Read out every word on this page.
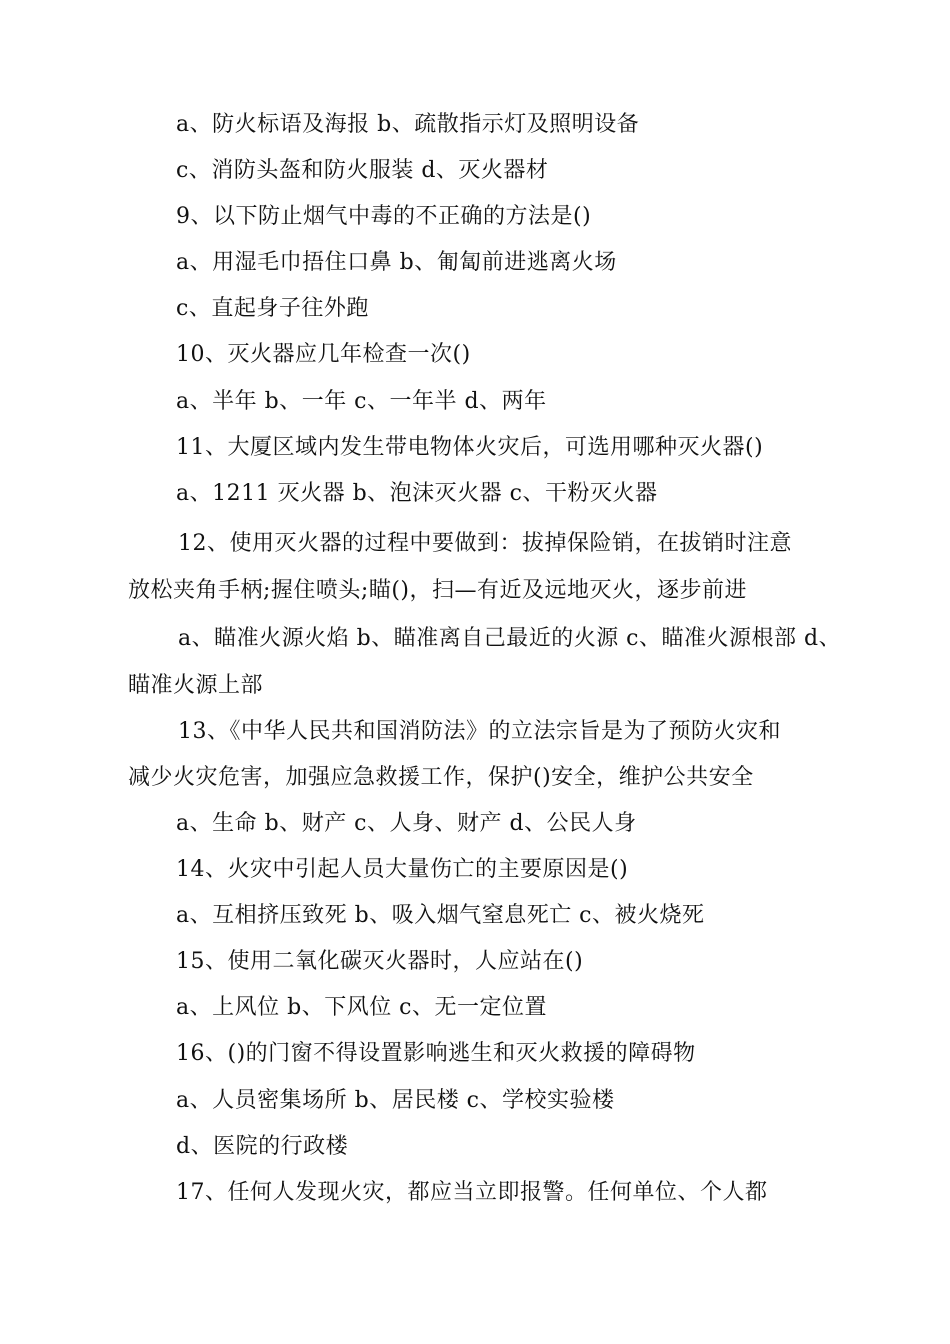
a、防火标语及海报 b、疏散指示灯及照明设备
c、消防头盔和防火服装 d、灭火器材
9、以下防止烟气中毒的不正确的方法是()
a、用湿毛巾捂住口鼻 b、匍匐前进逃离火场
c、直起身子往外跑
10、灭火器应几年检查一次()
a、半年 b、一年 c、一年半 d、两年
11、大厦区域内发生带电物体火灾后，可选用哪种灭火器()
a、1211 灭火器 b、泡沫灭火器 c、干粉灭火器
12、使用灭火器的过程中要做到：拔掉保险销，在拔销时注意
放松夹角手柄;握住喷头;瞄()，扫—有近及远地灭火，逐步前进
a、瞄准火源火焰 b、瞄准离自己最近的火源 c、瞄准火源根部 d、
瞄准火源上部
13、《中华人民共和国消防法》的立法宗旨是为了预防火灾和
减少火灾危害，加强应急救援工作，保护()安全，维护公共安全
a、生命 b、财产 c、人身、财产 d、公民人身
14、火灾中引起人员大量伤亡的主要原因是()
a、互相挤压致死 b、吸入烟气窒息死亡 c、被火烧死
15、使用二氧化碳灭火器时，人应站在()
a、上风位 b、下风位 c、无一定位置
16、()的门窗不得设置影响逃生和灭火救援的障碍物
a、人员密集场所 b、居民楼 c、学校实验楼
d、医院的行政楼
17、任何人发现火灾，都应当立即报警。任何单位、个人都
